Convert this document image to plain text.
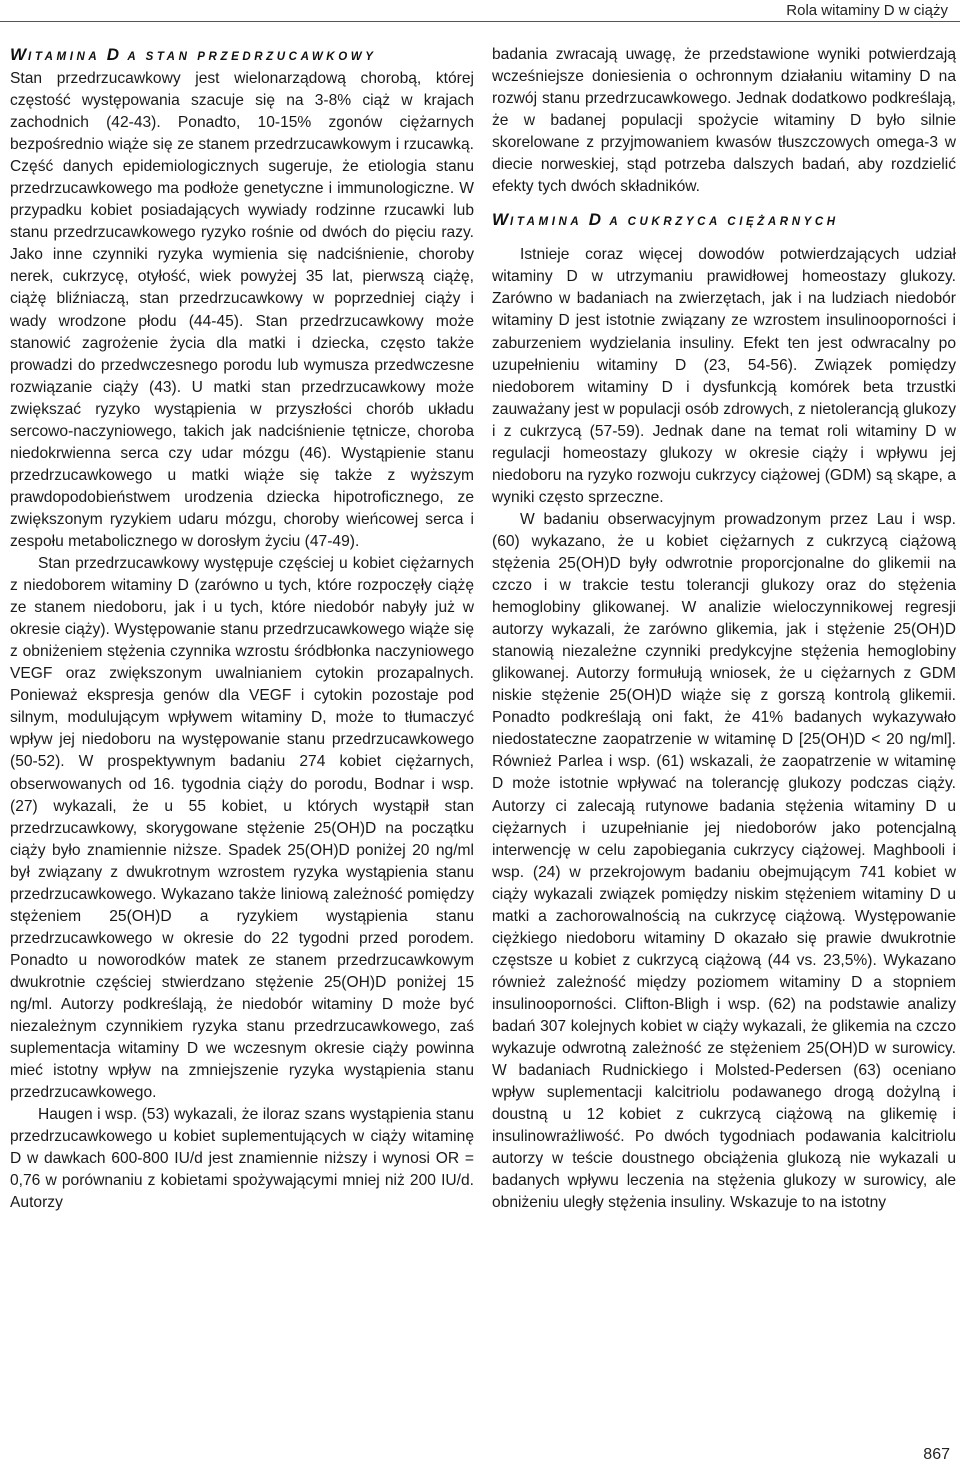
Rola witaminy D w ciąży
WITAMINA D A STAN PRZEDRZUCAWKOWY

Stan przedrzucawkowy jest wielonarządową chorobą, której częstość występowania szacuje się na 3-8% ciąż w krajach zachodnich (42-43). Ponadto, 10-15% zgonów ciężarnych bezpośrednio wiąże się ze stanem przedrzucawkowym i rzucawką. Część danych epidemiologicznych sugeruje, że etiologia stanu przedrzucawkowego ma podłoże genetyczne i immunologiczne. W przypadku kobiet posiadających wywiady rodzinne rzucawki lub stanu przedrzucawkowego ryzyko rośnie od dwóch do pięciu razy. Jako inne czynniki ryzyka wymienia się nadciśnienie, choroby nerek, cukrzycę, otyłość, wiek powyżej 35 lat, pierwszą ciążę, ciążę bliźniaczą, stan przedrzucawkowy w poprzedniej ciąży i wady wrodzone płodu (44-45). Stan przedrzucawkowy może stanowić zagrożenie życia dla matki i dziecka, często także prowadzi do przedwczesnego porodu lub wymusza przedwczesne rozwiązanie ciąży (43). U matki stan przedrzucawkowy może zwiększać ryzyko wystąpienia w przyszłości chorób układu sercowo-naczyniowego, takich jak nadciśnienie tętnicze, choroba niedokrwienna serca czy udar mózgu (46). Wystąpienie stanu przedrzucawkowego u matki wiąże się także z wyższym prawdopodobieństwem urodzenia dziecka hipotroficznego, ze zwiększonym ryzykiem udaru mózgu, choroby wieńcowej serca i zespołu metabolicznego w dorosłym życiu (47-49).

Stan przedrzucawkowy występuje częściej u kobiet ciężarnych z niedoborem witaminy D (zarówno u tych, które rozpoczęły ciążę ze stanem niedoboru, jak i u tych, które niedobór nabyły już w okresie ciąży). Występowanie stanu przedrzucawkowego wiąże się z obniżeniem stężenia czynnika wzrostu śródbłonka naczyniowego VEGF oraz zwiększonym uwalnianiem cytokin prozapalnych. Ponieważ ekspresja genów dla VEGF i cytokin pozostaje pod silnym, modulującym wpływem witaminy D, może to tłumaczyć wpływ jej niedoboru na występowanie stanu przedrzucawkowego (50-52). W prospektywnym badaniu 274 kobiet ciężarnych, obserwowanych od 16. tygodnia ciąży do porodu, Bodnar i wsp. (27) wykazali, że u 55 kobiet, u których wystąpił stan przedrzucawkowy, skorygowane stężenie 25(OH)D na początku ciąży było znamiennie niższe. Spadek 25(OH)D poniżej 20 ng/ml był związany z dwukrotnym wzrostem ryzyka wystąpienia stanu przedrzucawkowego. Wykazano także liniową zależność pomiędzy stężeniem 25(OH)D a ryzykiem wystąpienia stanu przedrzucawkowego w okresie do 22 tygodni przed porodem. Ponadto u noworodków matek ze stanem przedrzucawkowym dwukrotnie częściej stwierdzano stężenie 25(OH)D poniżej 15 ng/ml. Autorzy podkreślają, że niedobór witaminy D może być niezależnym czynnikiem ryzyka stanu przedrzucawkowego, zaś suplementacja witaminy D we wczesnym okresie ciąży powinna mieć istotny wpływ na zmniejszenie ryzyka wystąpienia stanu przedrzucawkowego.

Haugen i wsp. (53) wykazali, że iloraz szans wystąpienia stanu przedrzucawkowego u kobiet suplementujących w ciąży witaminę D w dawkach 600-800 IU/d jest znamiennie niższy i wynosi OR = 0,76 w porównaniu z kobietami spożywającymi mniej niż 200 IU/d. Autorzy

badania zwracają uwagę, że przedstawione wyniki potwierdzają wcześniejsze doniesienia o ochronnym działaniu witaminy D na rozwój stanu przedrzucawkowego. Jednak dodatkowo podkreślają, że w badanej populacji spożycie witaminy D było silnie skorelowane z przyjmowaniem kwasów tłuszczowych omega-3 w diecie norweskiej, stąd potrzeba dalszych badań, aby rozdzielić efekty tych dwóch składników.

WITAMINA D A CUKRZYCA CIĘŻARNYCH

Istnieje coraz więcej dowodów potwierdzających udział witaminy D w utrzymaniu prawidłowej homeostazy glukozy. Zarówno w badaniach na zwierzętach, jak i na ludziach niedobór witaminy D jest istotnie związany ze wzrostem insulinooporności i zaburzeniem wydzielania insuliny. Efekt ten jest odwracalny po uzupełnieniu witaminy D (23, 54-56). Związek pomiędzy niedoborem witaminy D i dysfunkcją komórek beta trzustki zauważany jest w populacji osób zdrowych, z nietolerancją glukozy i z cukrzycą (57-59). Jednak dane na temat roli witaminy D w regulacji homeostazy glukozy w okresie ciąży i wpływu jej niedoboru na ryzyko rozwoju cukrzycy ciążowej (GDM) są skąpe, a wyniki często sprzeczne.

W badaniu obserwacyjnym prowadzonym przez Lau i wsp. (60) wykazano, że u kobiet ciężarnych z cukrzycą ciążową stężenia 25(OH)D były odwrotnie proporcjonalne do glikemii na czczo i w trakcie testu tolerancji glukozy oraz do stężenia hemoglobiny glikowanej. W analizie wieloczynnikowej regresji autorzy wykazali, że zarówno glikemia, jak i stężenie 25(OH)D stanowią niezależne czynniki predykcyjne stężenia hemoglobiny glikowanej. Autorzy formułują wniosek, że u ciężarnych z GDM niskie stężenie 25(OH)D wiąże się z gorszą kontrolą glikemii. Ponadto podkreślają oni fakt, że 41% badanych wykazywało niedostateczne zaopatrzenie w witaminę D [25(OH)D < 20 ng/ml]. Również Parlea i wsp. (61) wskazali, że zaopatrzenie w witaminę D może istotnie wpływać na tolerancję glukozy podczas ciąży. Autorzy ci zalecają rutynowe badania stężenia witaminy D u ciężarnych i uzupełnianie jej niedoborów jako potencjalną interwencję w celu zapobiegania cukrzycy ciążowej. Maghbooli i wsp. (24) w przekrojowym badaniu obejmującym 741 kobiet w ciąży wykazali związek pomiędzy niskim stężeniem witaminy D u matki a zachorowalnością na cukrzycę ciążową. Występowanie ciężkiego niedoboru witaminy D okazało się prawie dwukrotnie częstsze u kobiet z cukrzycą ciążową (44 vs. 23,5%). Wykazano również zależność między poziomem witaminy D a stopniem insulinooporności. Clifton-Bligh i wsp. (62) na podstawie analizy badań 307 kolejnych kobiet w ciąży wykazali, że glikemia na czczo wykazuje odwrotną zależność ze stężeniem 25(OH)D w surowicy. W badaniach Rudnickiego i Molsted-Pedersen (63) oceniano wpływ suplementacji kalcitriolu podawanego drogą dożylną i doustną u 12 kobiet z cukrzycą ciążową na glikemię i insulinowrażliwość. Po dwóch tygodniach podawania kalcitriolu autorzy w teście doustnego obciążenia glukozą nie wykazali u badanych wpływu leczenia na stężenia glukozy w surowicy, ale obniżeniu uległy stężenia insuliny. Wskazuje to na istotny

867
